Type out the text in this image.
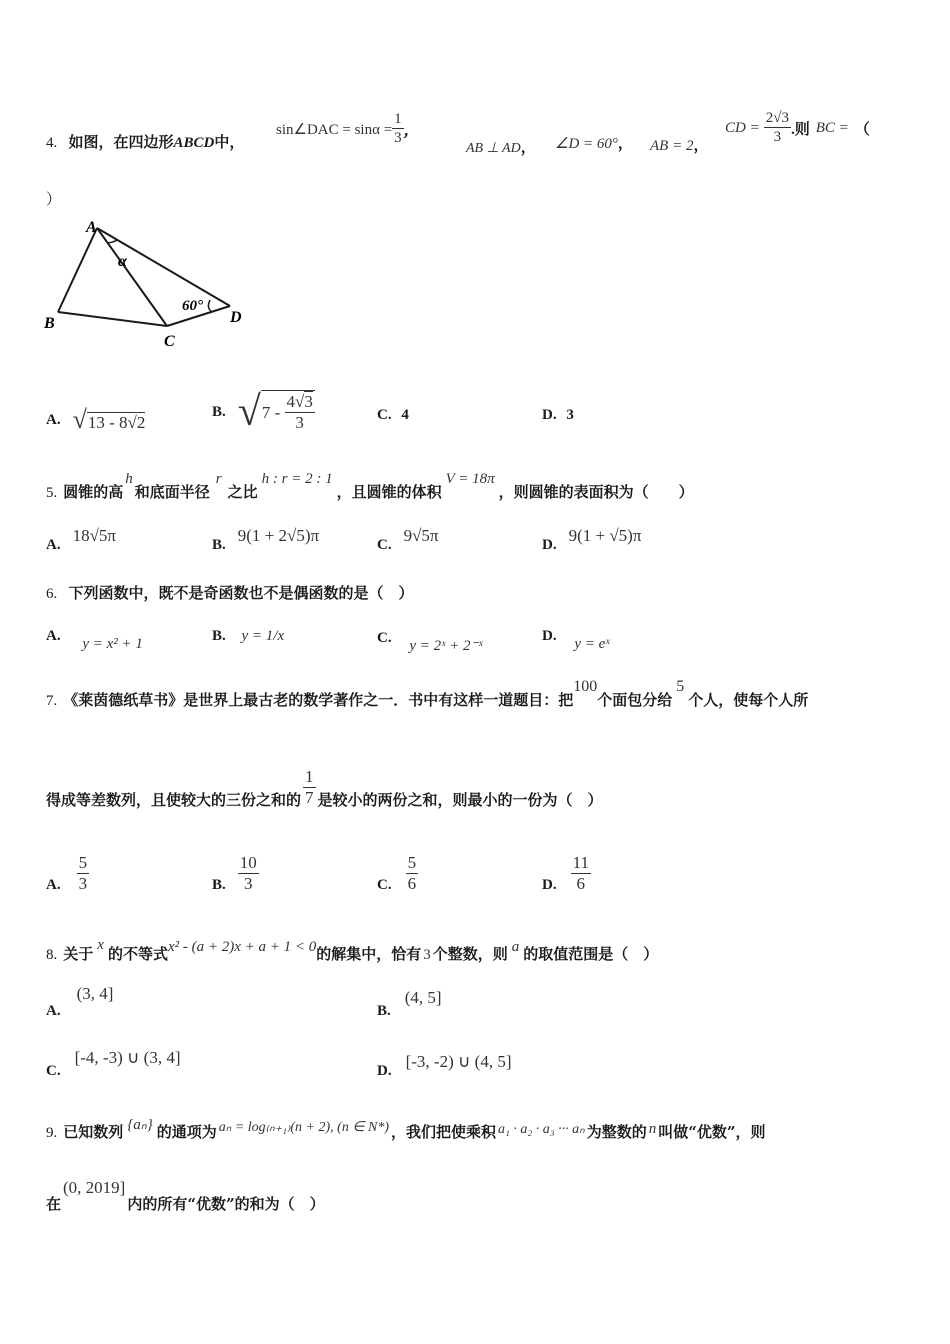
4. 如图，在四边形ABCD中，
sin∠DAC = $\sin\alpha = \frac{1}{3}$ ，
AB ⊥ AD， ∠D = 60°， AB = 2，
CD = $\frac{2√3}{3}$ .则 BC = （
）
A
B
C
D
α
60°
A. √ 13 - 8√2
B. √ $7 - \frac{4√3}{3}$	C. 4	D. 3
5. 圆锥的高
h
和底面半径
r
之比
h : r = 2 : 1
，且圆锥的体积
V = 18π
，则圆锥的表面积为（　　）
A. 18√5π	B. 9(1 + 2√5)π	C. 9√5π	D. 9(1 + √5)π
6. 下列函数中，既不是奇函数也不是偶函数的是（　）
A. y = x² + 1	B. y = 1/x	C. y = 2ˣ + 2⁻ˣ
D. y = eˣ
7. 《莱茵德纸草书》是世界上最古老的数学著作之一．书中有这样一道题目：把
100
个面包分给
5
个人，使每个人所
得成等差数列，且使较大的三份之和的 $\frac{1}{7}$ 是较小的两份之和，则最小的一份为（　）
A. $\frac{5}{3}$	B. $\frac{10}{3}$	C. $\frac{5}{6}$	D. $\frac{11}{6}$
8. 关于 x 的不等式 x² - (a + 2)x + a + 1 < 0 的解集中，恰有 3 个整数，则 a 的取值范围是（　）
A.
(3, 4]
B.
(4, 5]
C.
[-4, -3) ∪ (3, 4]
D. [-3, -2) ∪ (4, 5]
9. 已知数列 {aₙ} 的通项为 aₙ = log₍ₙ₊₁₎(n + 2), (n ∈ N*) ，我们把使乘积 a₁ · a₂ · a₃ ··· aₙ 为整数的 n 叫做“优数”，则
在
(0, 2019]
内的所有“优数”的和为（　）
